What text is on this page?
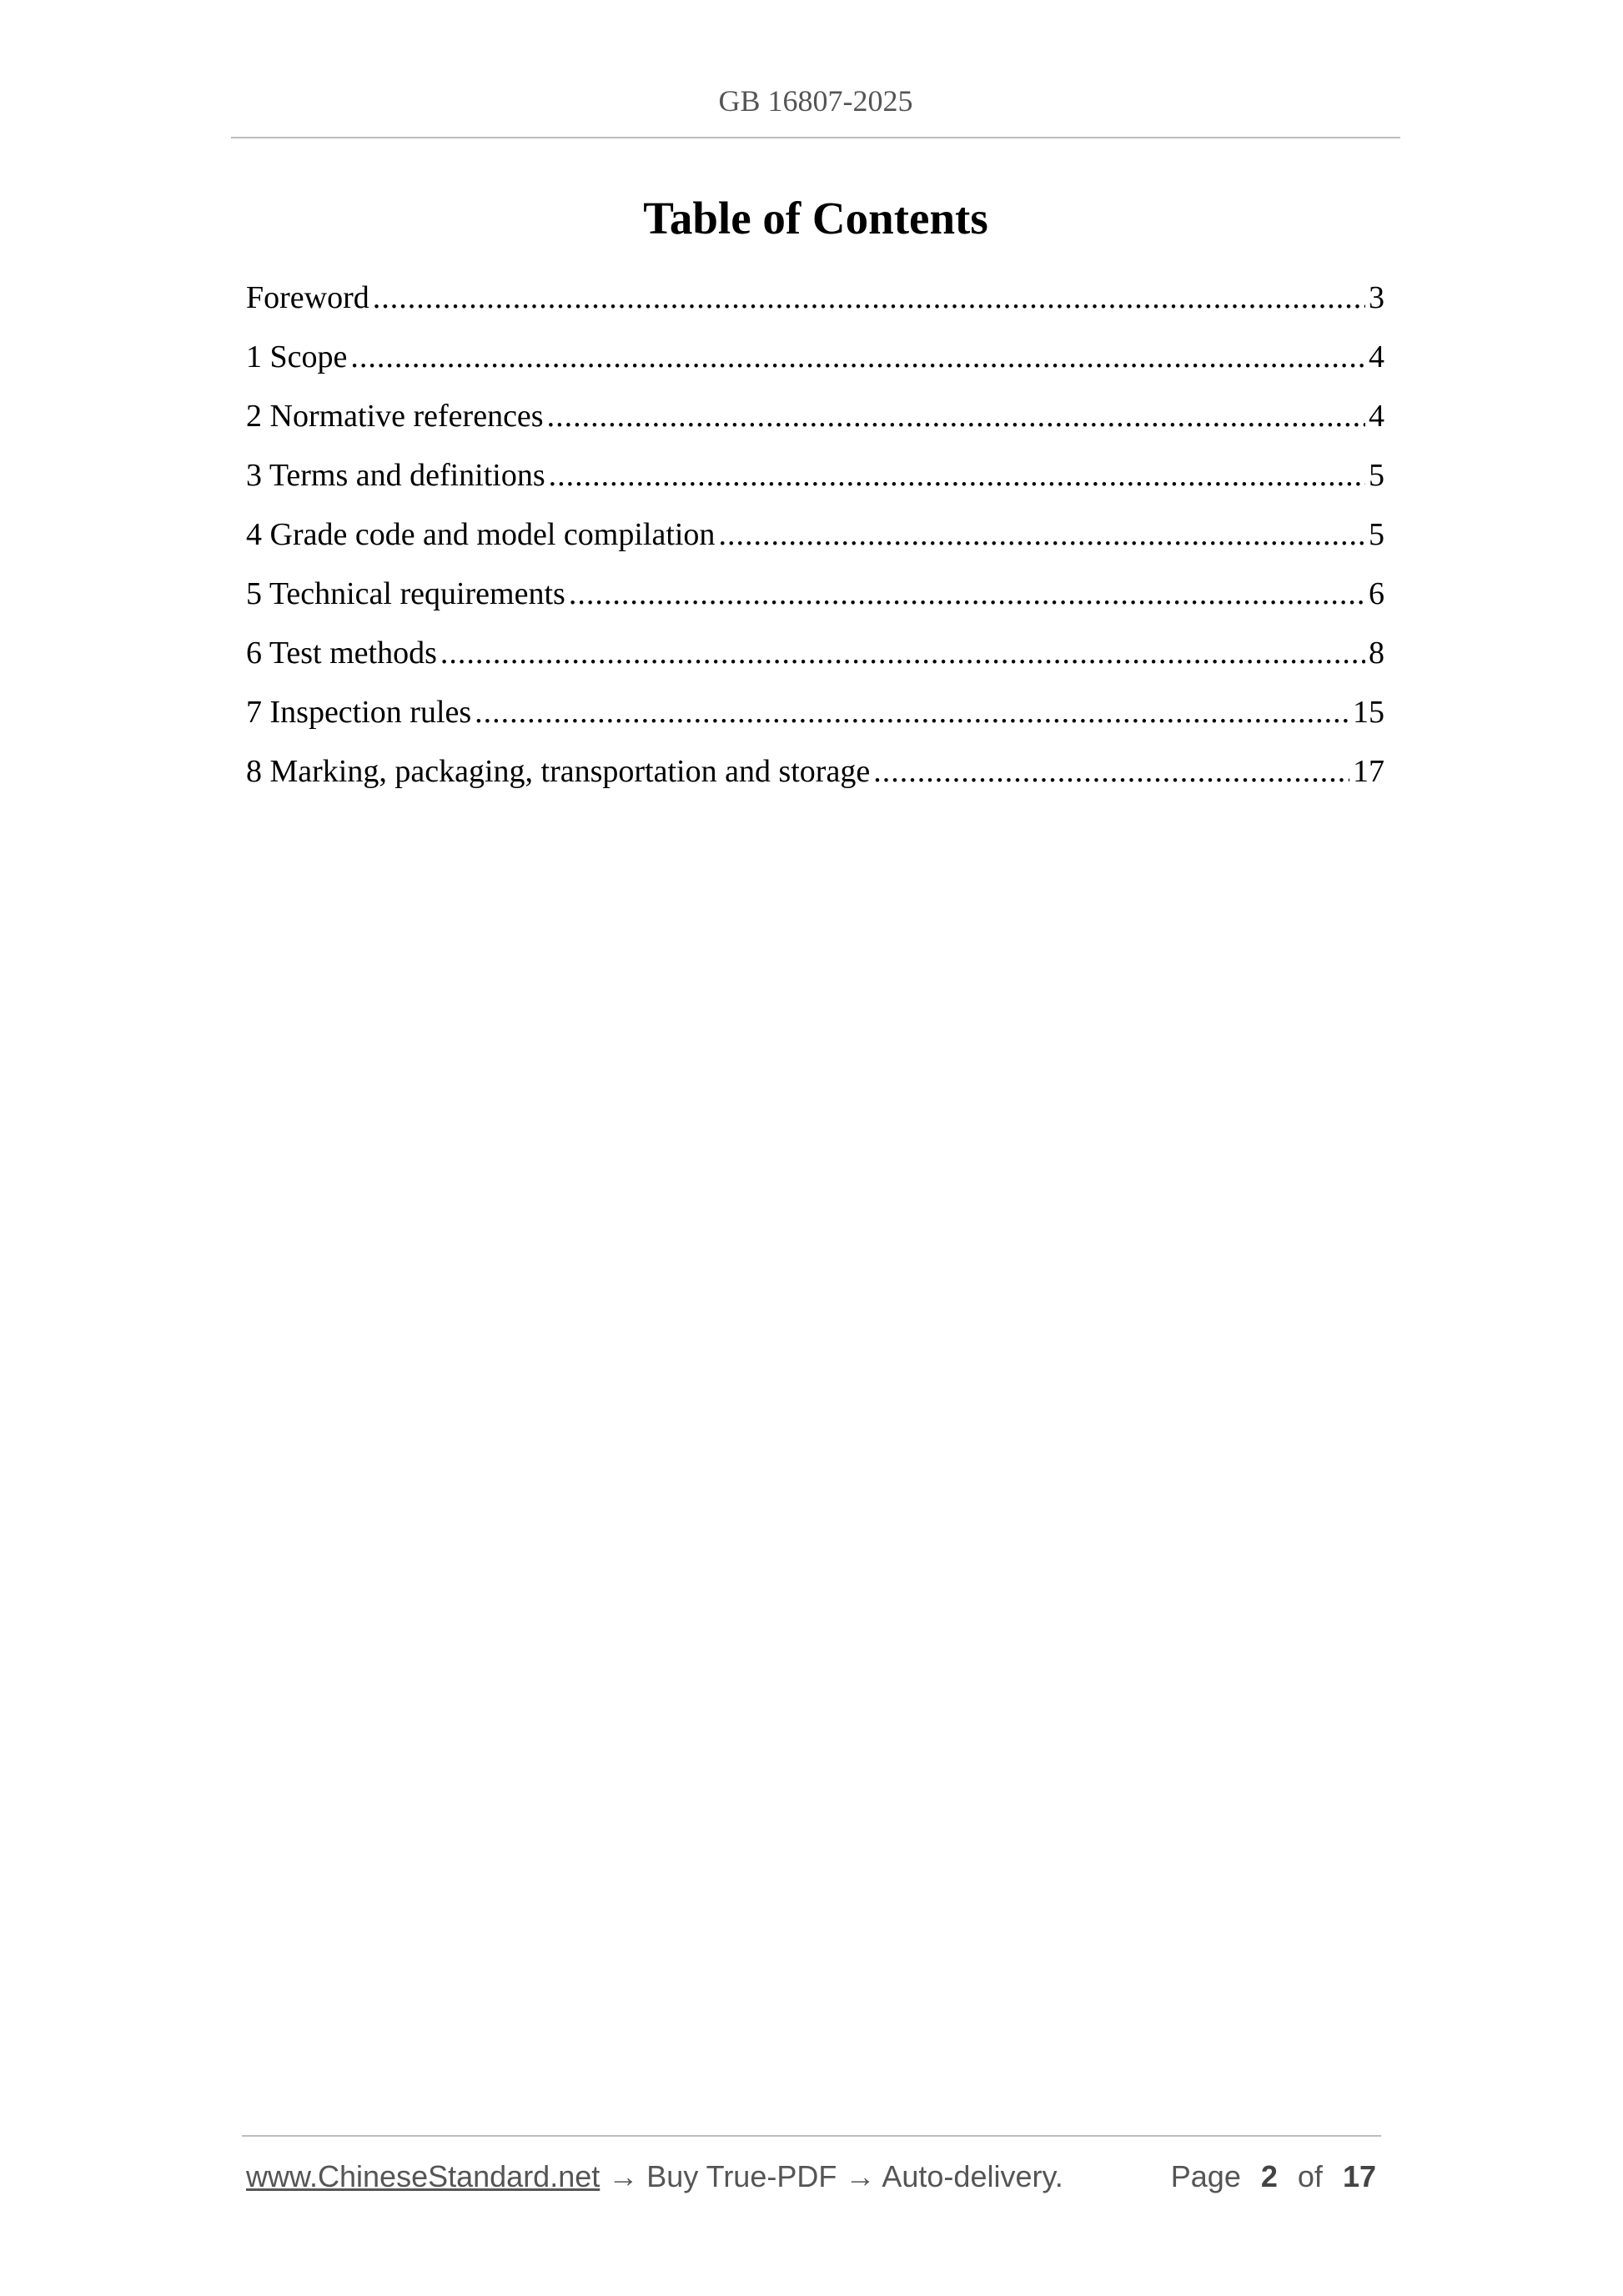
GB 16807-2025
Table of Contents
Foreword .....	3
1 Scope .....	4
2 Normative references .....	4
3 Terms and definitions .....	5
4 Grade code and model compilation .....	5
5 Technical requirements .....	6
6 Test methods .....	8
7 Inspection rules .....	15
8 Marking, packaging, transportation and storage .....	17
www.ChineseStandard.net → Buy True-PDF → Auto-delivery.	Page 2 of 17
